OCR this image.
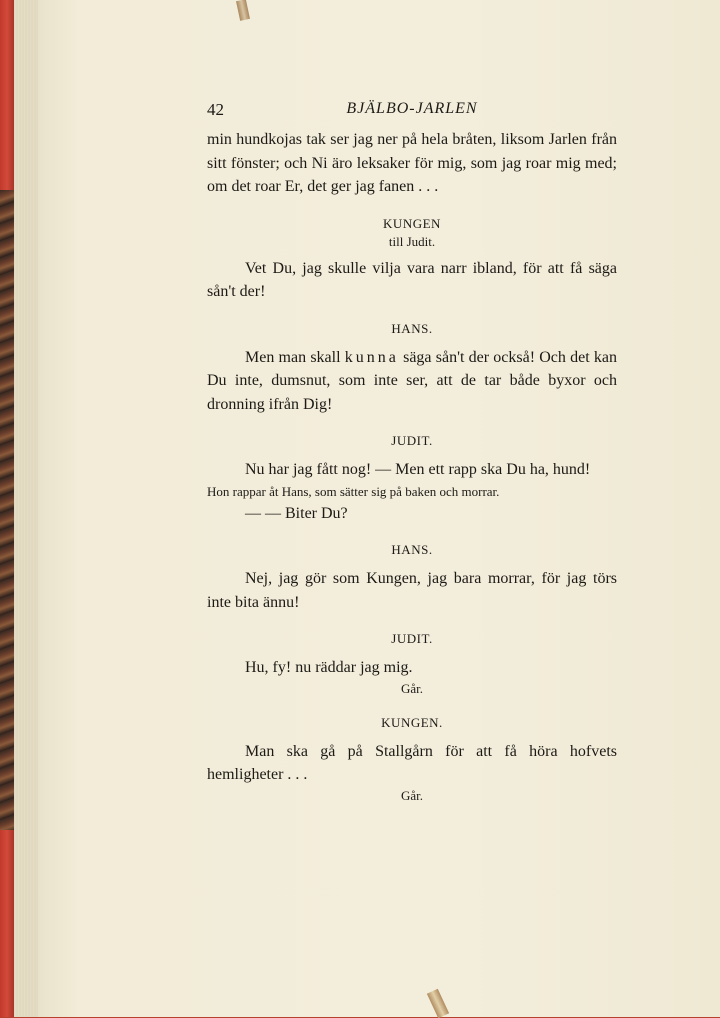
42	BJÄLBO-JARLEN

min hundkojas tak ser jag ner på hela bråten, liksom Jarlen från sitt fönster; och Ni äro leksaker för mig, som jag roar mig med; om det roar Er, det ger jag fanen . . .

KUNGEN
till Judit.

Vet Du, jag skulle vilja vara narr ibland, för att få säga sån't der!

HANS.

Men man skall kunna säga sån't der också! Och det kan Du inte, dumsnut, som inte ser, att de tar både byxor och dronning ifrån Dig!

JUDIT.

Nu har jag fått nog! — Men ett rapp ska Du ha, hund!

Hon rappar åt Hans, som sätter sig på baken och morrar.

— — Biter Du?

HANS.

Nej, jag gör som Kungen, jag bara morrar, för jag törs inte bita ännu!

JUDIT.

Hu, fy! nu räddar jag mig.

Går.
KUNGEN.

Man ska gå på Stallgårn för att få höra hofvets hemligheter . . .

Går.
